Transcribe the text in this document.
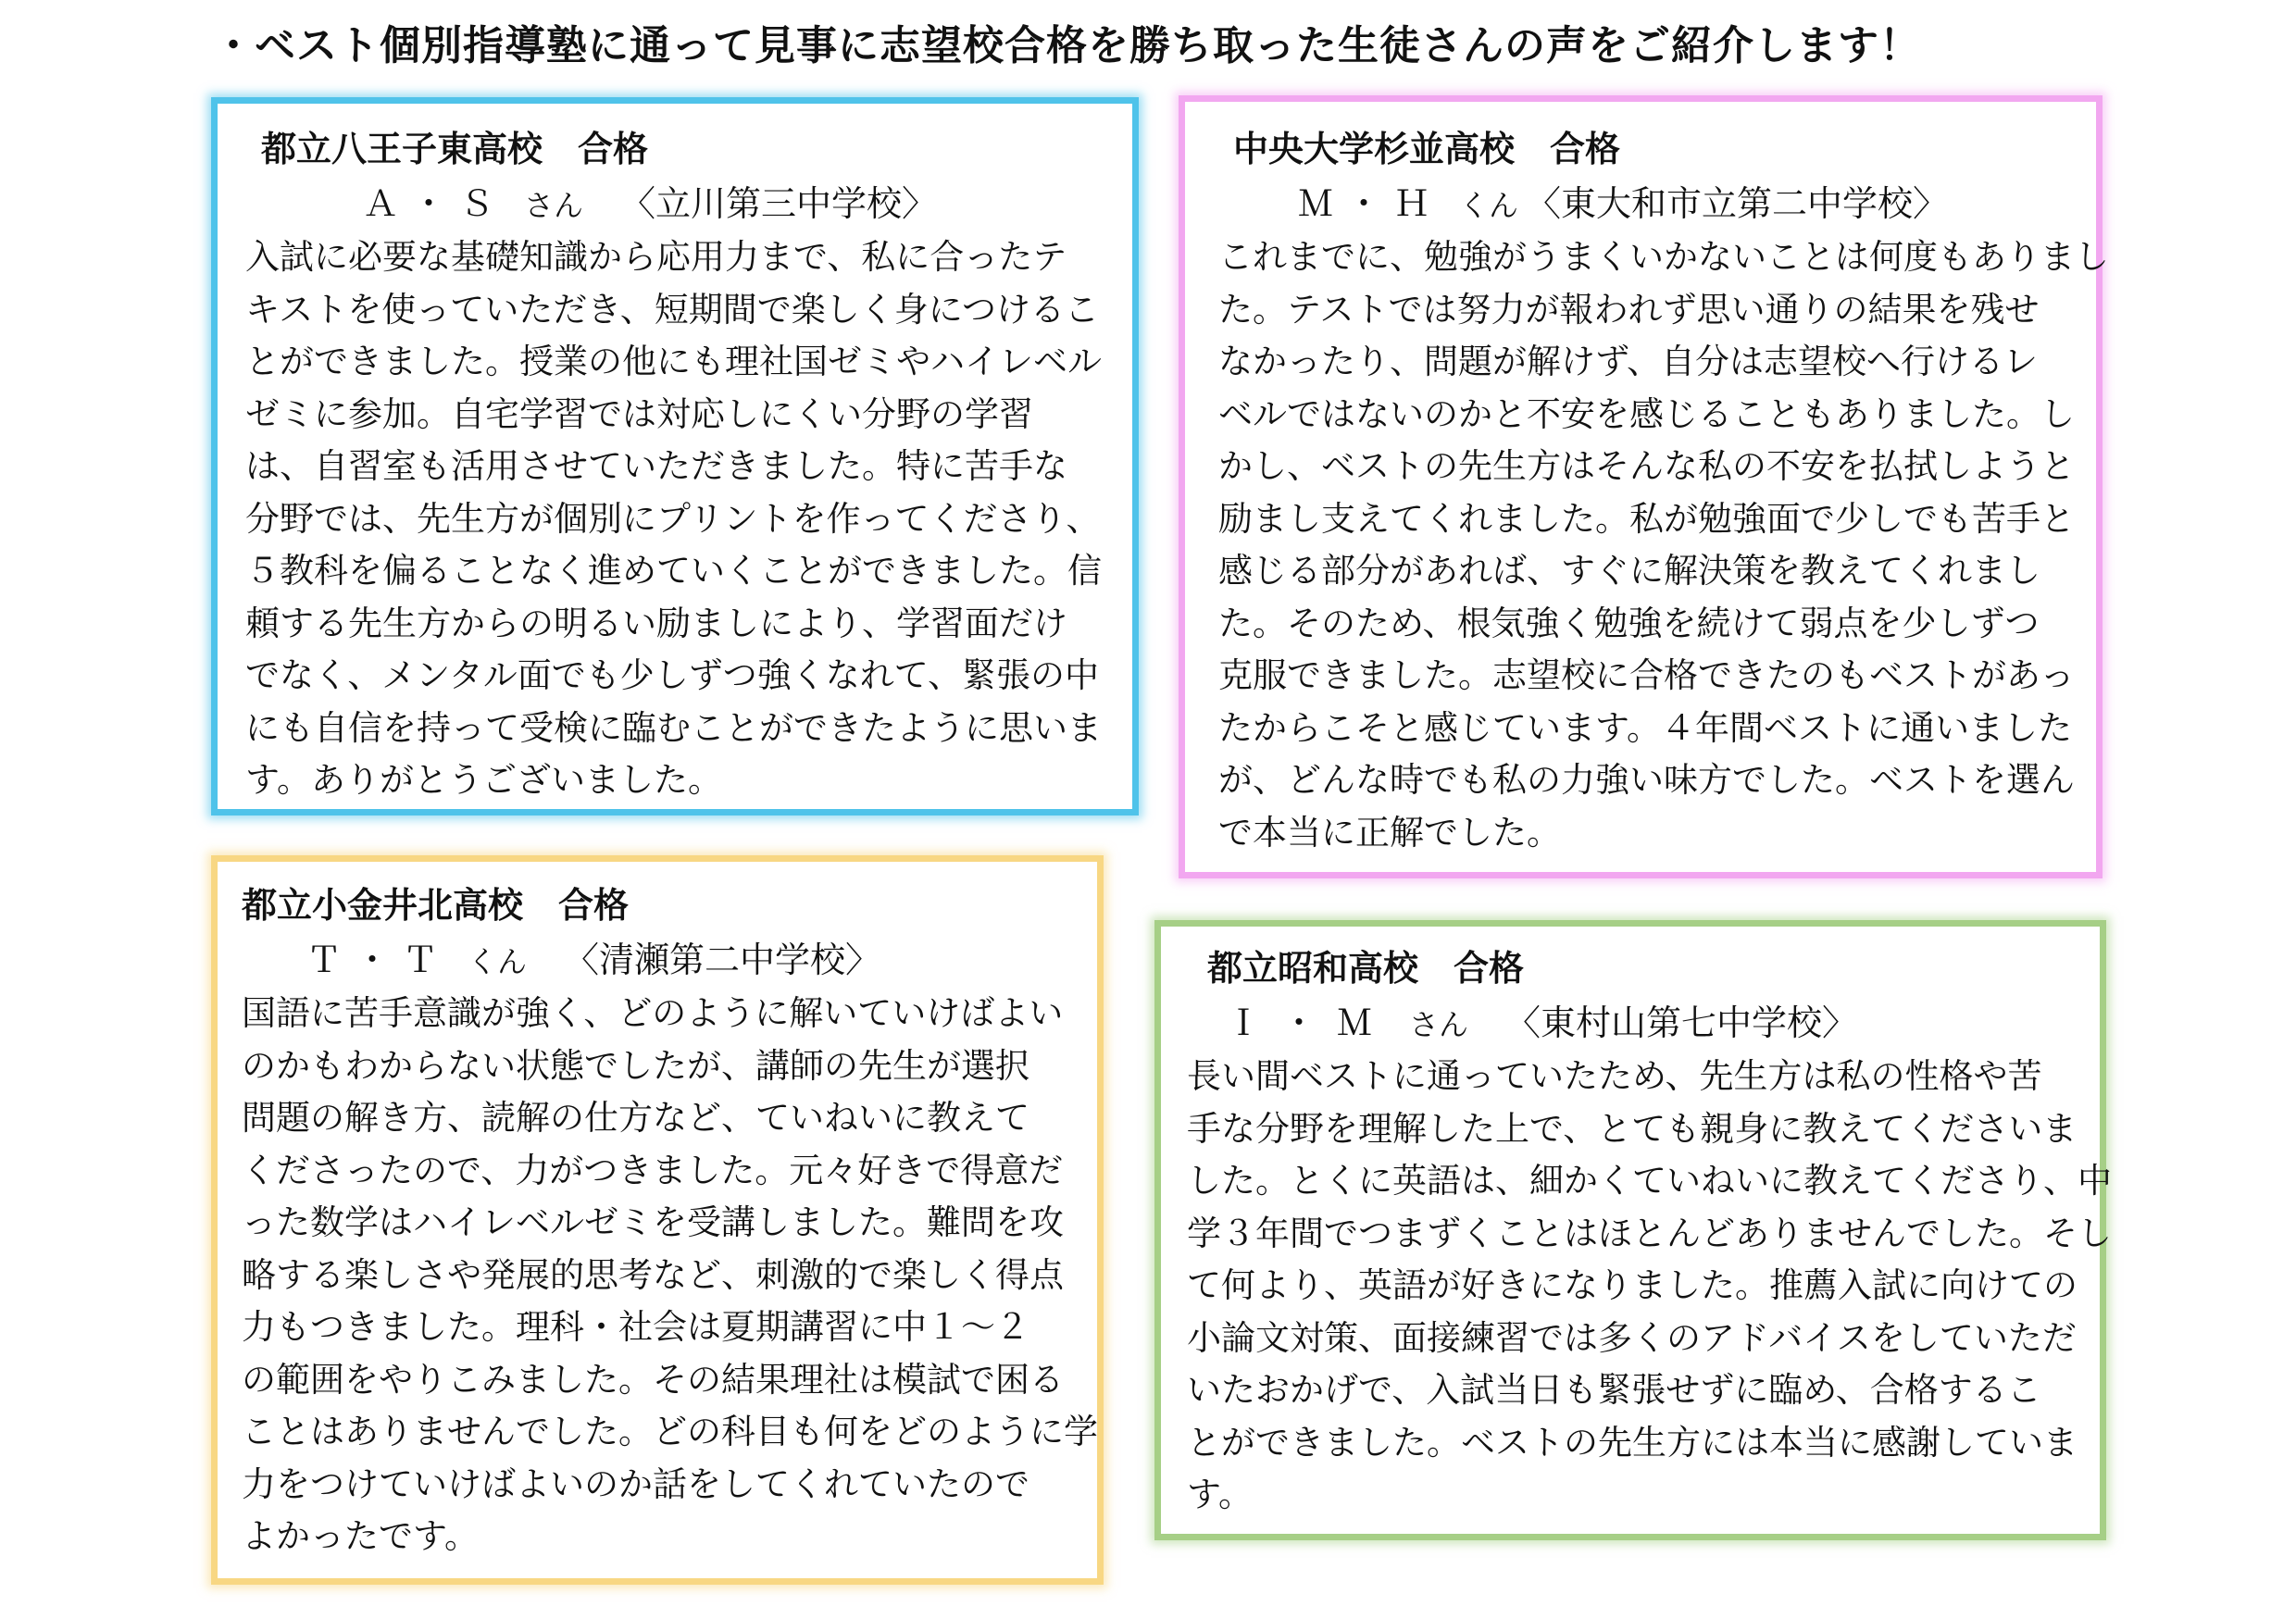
・ベスト個別指導塾に通って見事に志望校合格を勝ち取った生徒さんの声をご紹介します！
都立八王子東高校　合格
Ａ・Ｓ さん 〈立川第三中学校〉
入試に必要な基礎知識から応用力まで、私に合ったテ
キストを使っていただき、短期間で楽しく身につけるこ
とができました。授業の他にも理社国ゼミやハイレベル
ゼミに参加。自宅学習では対応しにくい分野の学習
は、自習室も活用させていただきました。特に苦手な
分野では、先生方が個別にプリントを作ってくださり、
５教科を偏ることなく進めていくことができました。信
頼する先生方からの明るい励ましにより、学習面だけ
でなく、メンタル面でも少しずつ強くなれて、緊張の中
にも自信を持って受検に臨むことができたように思いま
す。ありがとうございました。
中央大学杉並高校　合格
Ｍ・Ｈ くん 〈東大和市立第二中学校〉
これまでに、勉強がうまくいかないことは何度もありまし
た。テストでは努力が報われず思い通りの結果を残せ
なかったり、問題が解けず、自分は志望校へ行けるレ
ベルではないのかと不安を感じることもありました。し
かし、ベストの先生方はそんな私の不安を払拭しようと
励まし支えてくれました。私が勉強面で少しでも苦手と
感じる部分があれば、すぐに解決策を教えてくれまし
た。そのため、根気強く勉強を続けて弱点を少しずつ
克服できました。志望校に合格できたのもベストがあっ
たからこそと感じています。４年間ベストに通いました
が、どんな時でも私の力強い味方でした。ベストを選ん
で本当に正解でした。
都立小金井北高校　合格
Ｔ・Ｔ くん 〈清瀬第二中学校〉
国語に苦手意識が強く、どのように解いていけばよい
のかもわからない状態でしたが、講師の先生が選択
問題の解き方、読解の仕方など、ていねいに教えて
くださったので、力がつきました。元々好きで得意だ
った数学はハイレベルゼミを受講しました。難問を攻
略する楽しさや発展的思考など、刺激的で楽しく得点
力もつきました。理科・社会は夏期講習に中１～２
の範囲をやりこみました。その結果理社は模試で困る
ことはありませんでした。どの科目も何をどのように学
力をつけていけばよいのか話をしてくれていたので
よかったです。
都立昭和高校　合格
Ｉ・Ｍ さん 〈東村山第七中学校〉
長い間ベストに通っていたため、先生方は私の性格や苦
手な分野を理解した上で、とても親身に教えてくださいま
した。とくに英語は、細かくていねいに教えてくださり、中
学３年間でつまずくことはほとんどありませんでした。そし
て何より、英語が好きになりました。推薦入試に向けての
小論文対策、面接練習では多くのアドバイスをしていただ
いたおかげで、入試当日も緊張せずに臨め、合格するこ
とができました。ベストの先生方には本当に感謝していま
す。
